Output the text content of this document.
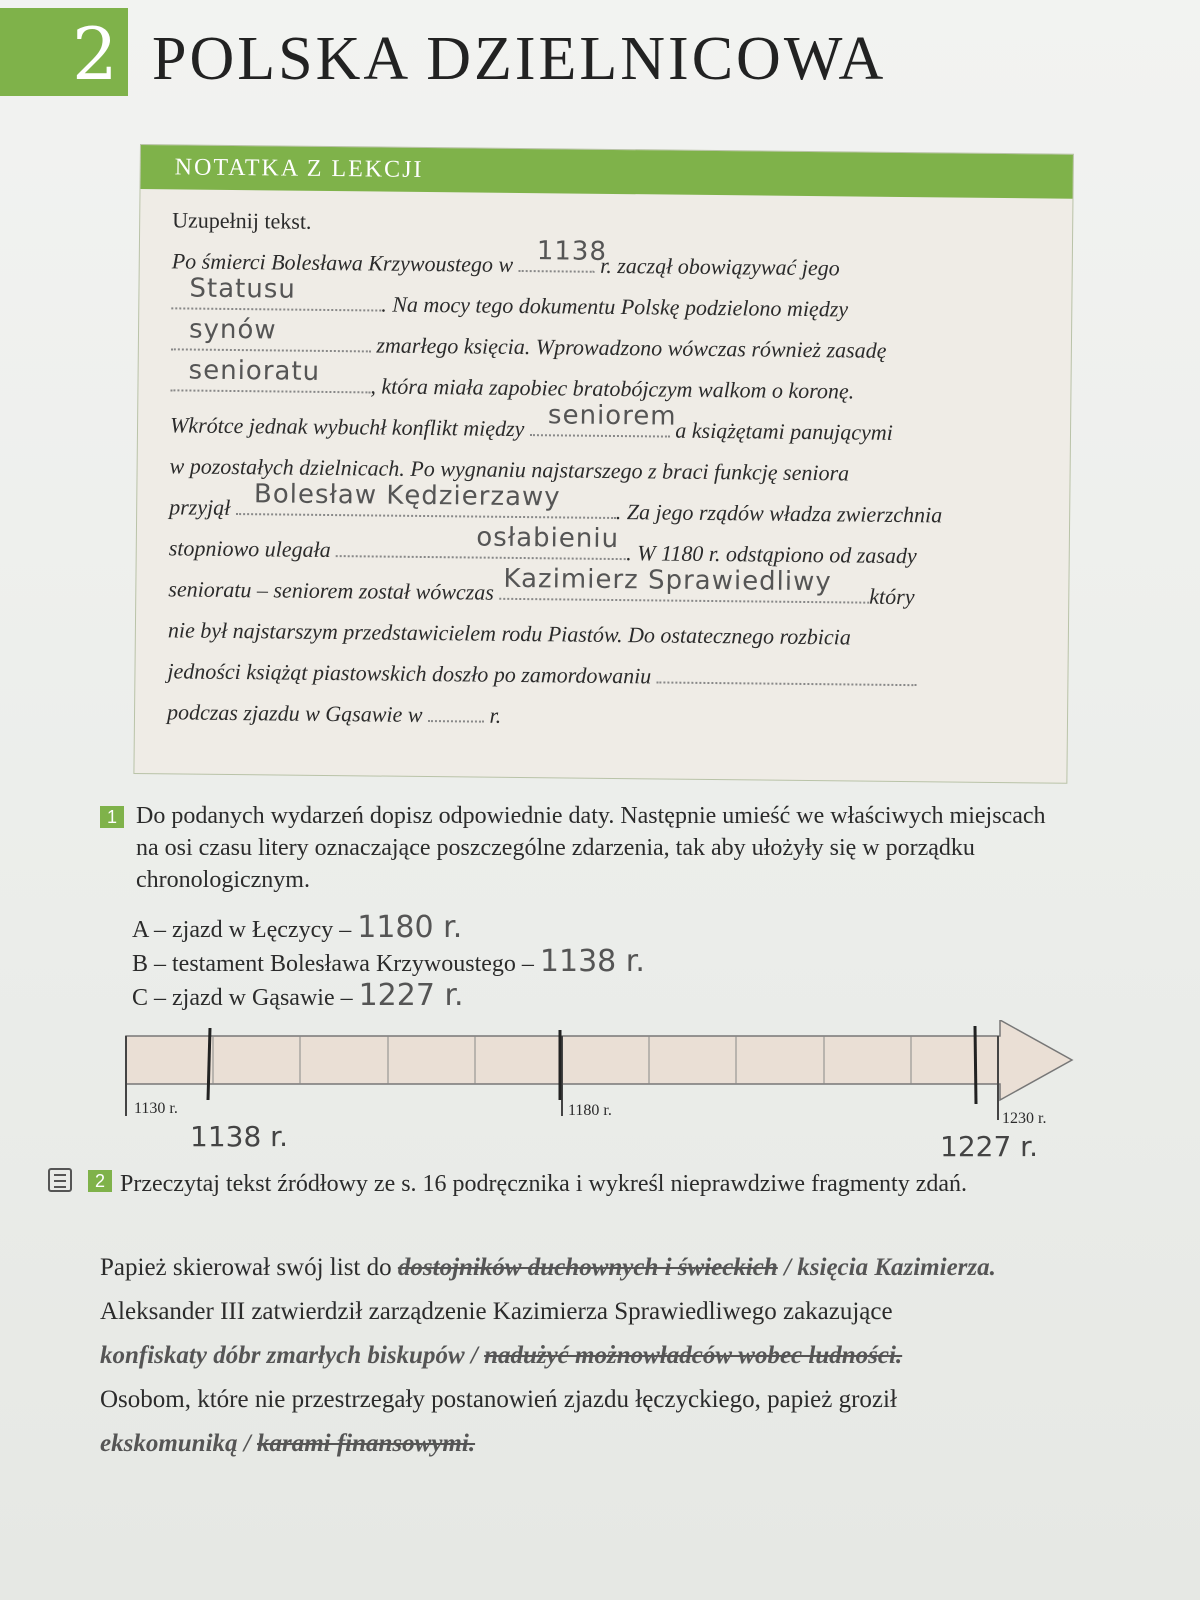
2 POLSKA DZIELNICOWA
NOTATKA Z LEKCJI
Uzupełnij tekst.
Po śmierci Bolesława Krzywoustego w 1138
r. zaczął obowiązywać jego
Statusu
. Na mocy tego dokumentu Polskę podzielono między
synów
zmarłego księcia. Wprowadzono wówczas również zasadę
senioratu
, która miała zapobiec bratobójczym walkom o koronę.
Wkrótce jednak wybuchł konflikt między seniorem
a książętami panującymi
w pozostałych dzielnicach. Po wygnaniu najstarszego z braci funkcję seniora
przyjął Bolesław Kędzierzawy
. Za jego rządów władza zwierzchnia
stopniowo ulegała	osłabieniu
. W 1180 r. odstąpiono od zasady
senioratu – seniorem został wówczas Kazimierz Sprawiedliwy który
nie był najstarszym przedstawicielem rodu Piastów. Do ostatecznego rozbicia
jedności książąt piastowskich doszło po zamordowaniu
podczas zjazdu w Gąsawie w	r.
1 Do podanych wydarzeń dopisz odpowiednie daty. Następnie umieść we właściwych miejscach na osi czasu litery oznaczające poszczególne zdarzenia, tak aby ułożyły się w porządku chronologicznym.
A – zjazd w Łęczycy – 1180 r.
B – testament Bolesława Krzywoustego – 1138 r.
C – zjazd w Gąsawie – 1227 r.
1130 r.	1180 r.	1230 r.
1138 r.	1227 r.
2 Przeczytaj tekst źródłowy ze s. 16 podręcznika i wykreśl nieprawdziwe fragmenty zdań.
Papież skierował swój list do dostojników duchownych i świeckich / księcia Kazimierza.
Aleksander III zatwierdził zarządzenie Kazimierza Sprawiedliwego zakazujące
konfiskaty dóbr zmarłych biskupów / nadużyć możnowładców wobec ludności.
Osobom, które nie przestrzegały postanowień zjazdu łęczyckiego, papież groził
ekskomuniką / karami finansowymi.
